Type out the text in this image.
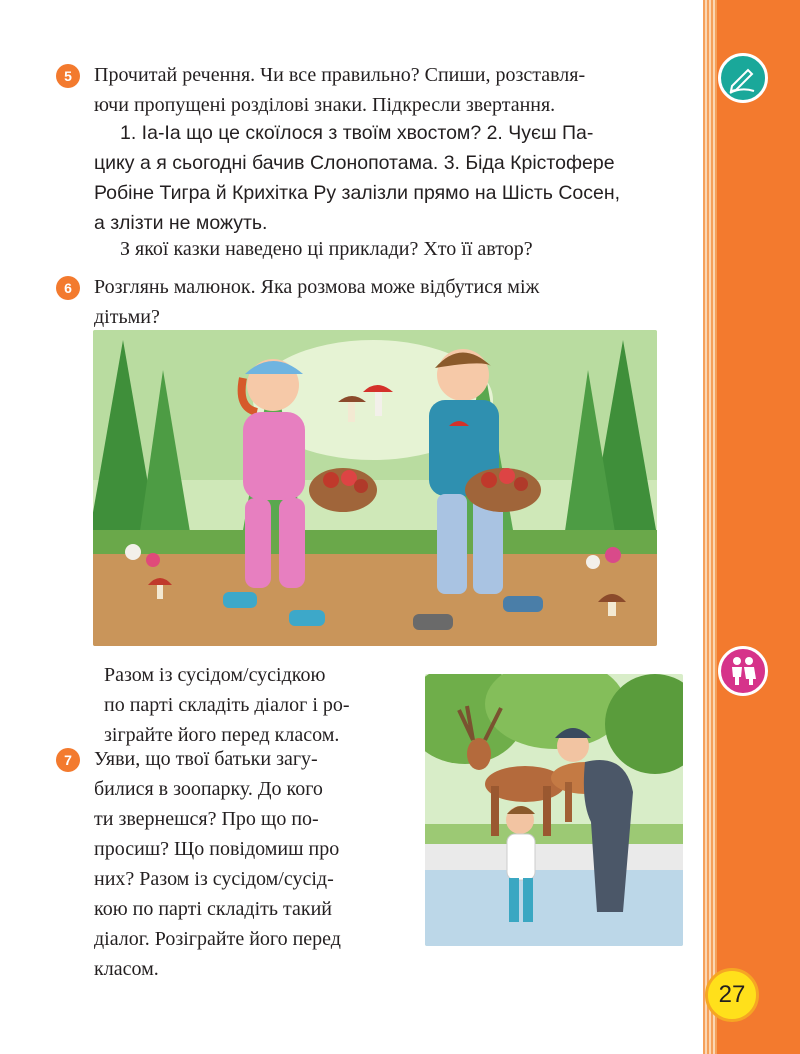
27
5	Прочитай речення. Чи все правильно? Спиши, розставля-
ючи пропущені розділові знаки. Підкресли звертання.
1. Іа-Іа що це скоїлося з твоїм хвостом? 2. Чуєш Па-
цику а я сьогодні бачив Слонопотама. 3. Біда Крістофере
Робіне Тигра й Крихітка Ру залізли прямо на Шість Сосен,
а злізти не можуть.
З якої казки наведено ці приклади? Хто її автор?
6	Розглянь малюнок. Яка розмова може відбутися між
дітьми?
Разом із сусідом/сусідкою
по парті складіть діалог і ро-
зіграйте його перед класом.
7	Уяви, що твої батьки загу-
билися в зоопарку. До кого
ти звернешся? Про що по-
просиш? Що повідомиш про
них? Разом із сусідом/сусід-
кою по парті складіть такий
діалог. Розіграйте його перед
класом.
